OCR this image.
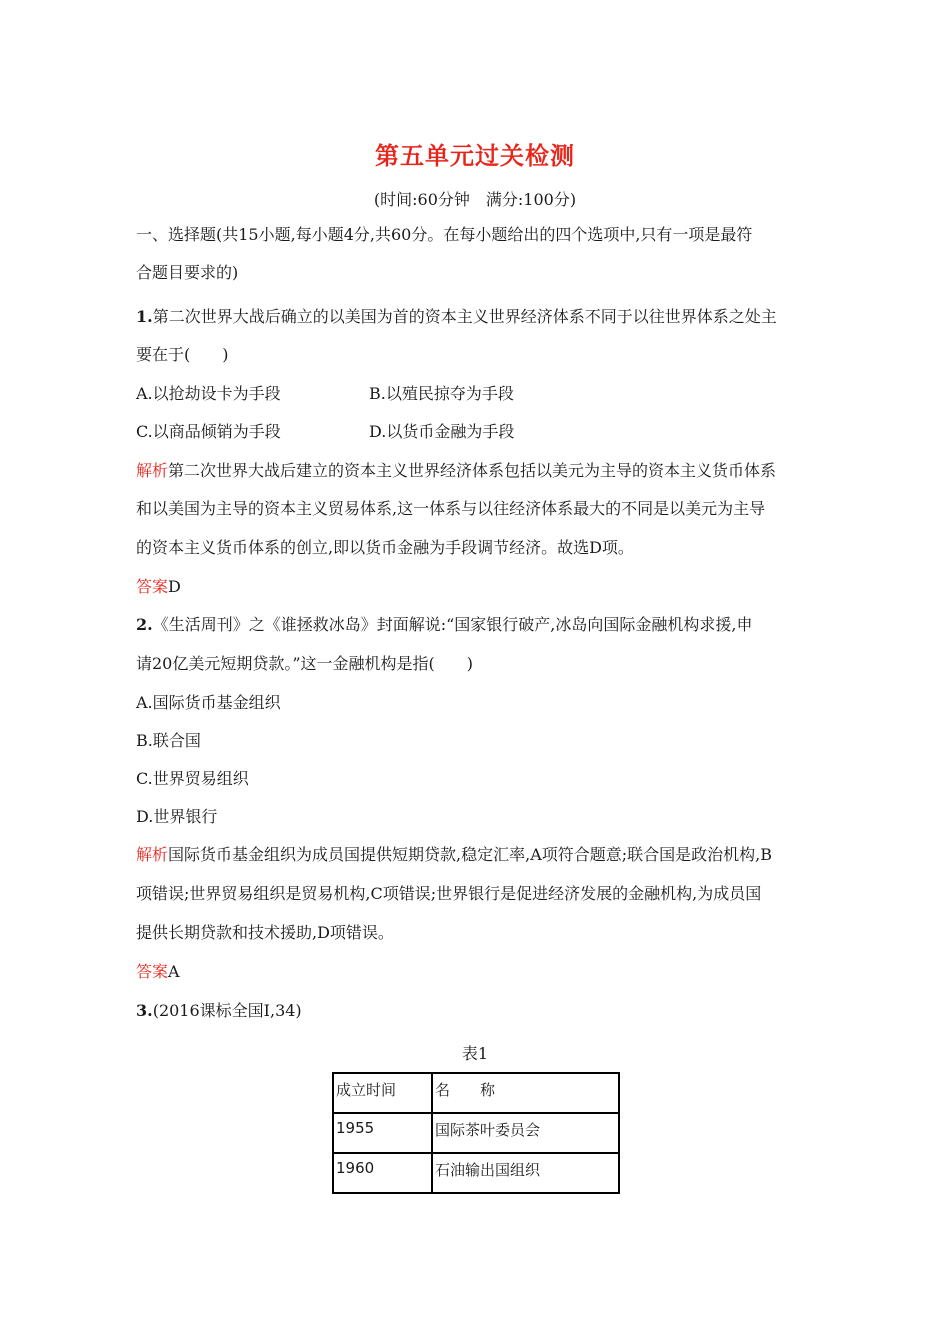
第五单元过关检测
(时间:60分钟　满分:100分)
一、选择题(共15小题,每小题4分,共60分。在每小题给出的四个选项中,只有一项是最符
合题目要求的)
1.第二次世界大战后确立的以美国为首的资本主义世界经济体系不同于以往世界体系之处主
要在于(　　)
A.以抢劫设卡为手段	B.以殖民掠夺为手段
C.以商品倾销为手段	D.以货币金融为手段
解析第二次世界大战后建立的资本主义世界经济体系包括以美元为主导的资本主义货币体系
和以美国为主导的资本主义贸易体系,这一体系与以往经济体系最大的不同是以美元为主导
的资本主义货币体系的创立,即以货币金融为手段调节经济。故选D项。
答案D
2.《生活周刊》之《谁拯救冰岛》封面解说:“国家银行破产,冰岛向国际金融机构求援,申
请20亿美元短期贷款。”这一金融机构是指(　　)
A.国际货币基金组织
B.联合国
C.世界贸易组织
D.世界银行
解析国际货币基金组织为成员国提供短期贷款,稳定汇率,A项符合题意;联合国是政治机构,B
项错误;世界贸易组织是贸易机构,C项错误;世界银行是促进经济发展的金融机构,为成员国
提供长期贷款和技术援助,D项错误。
答案A
3.(2016课标全国Ⅰ,34)
表1
成立时间	名　　称
1955	国际茶叶委员会
1960	石油输出国组织
